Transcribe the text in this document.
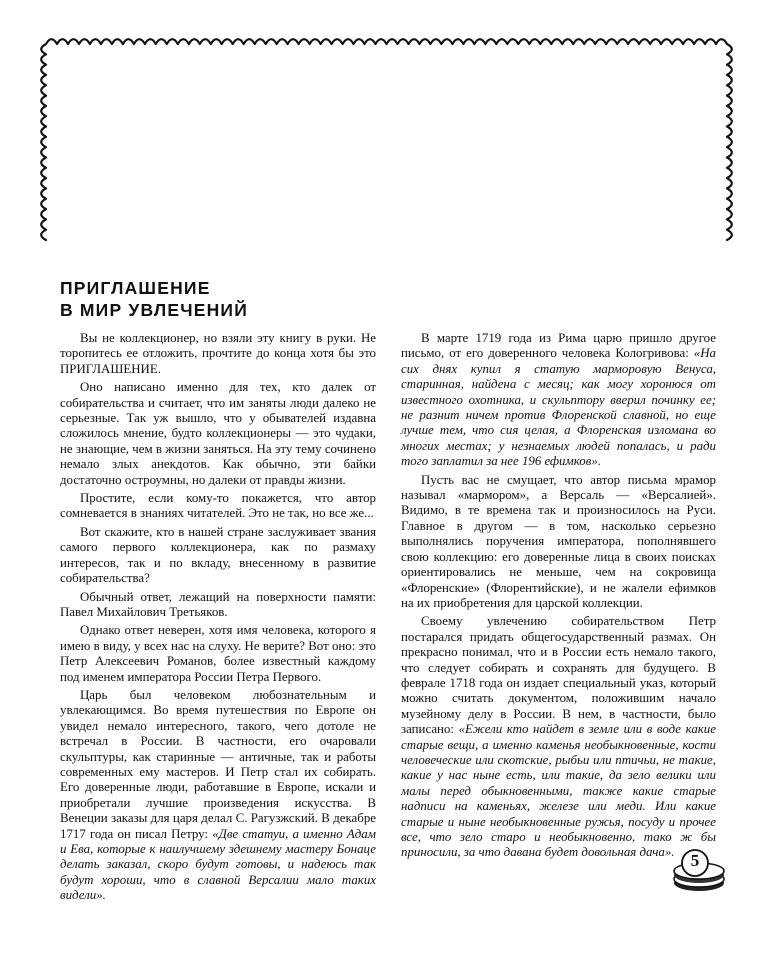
ПРИГЛАШЕНИЕ
В МИР УВЛЕЧЕНИЙ

Вы не коллекционер, но взяли эту книгу в руки. Не торопитесь ее отложить, прочтите до конца хотя бы это ПРИГЛАШЕНИЕ.

Оно написано именно для тех, кто далек от собирательства и считает, что им заняты люди далеко не серьезные. Так уж вышло, что у обывателей издавна сложилось мнение, будто коллекционеры — это чудаки, не знающие, чем в жизни заняться. На эту тему сочинено немало злых анекдотов. Как обычно, эти байки достаточно остроумны, но далеки от правды жизни.

Простите, если кому-то покажется, что автор сомневается в знаниях читателей. Это не так, но все же...

Вот скажите, кто в нашей стране заслуживает звания самого первого коллекционера, как по размаху интересов, так и по вкладу, внесенному в развитие собирательства?

Обычный ответ, лежащий на поверхности памяти: Павел Михайлович Третьяков.

Однако ответ неверен, хотя имя человека, которого я имею в виду, у всех нас на слуху. Не верите? Вот оно: это Петр Алексеевич Романов, более известный каждому под именем императора России Петра Первого.

Царь был человеком любознательным и увлекающимся. Во время путешествия по Европе он увидел немало интересного, такого, чего дотоле не встречал в России. В частности, его очаровали скульптуры, как старинные — античные, так и работы современных ему мастеров. И Петр стал их собирать. Его доверенные люди, работавшие в Европе, искали и приобретали лучшие произведения искусства. В Венеции заказы для царя делал С. Рагузжский. В декабре 1717 года он писал Петру: «Две статуи, а именно Адам и Ева, которые к наилучшему здешнему мастеру Бонаце делать заказал, скоро будут готовы, и надеюсь так будут хороши, что в славной Версалии мало таких видели».

В марте 1719 года из Рима царю пришло другое письмо, от его доверенного человека Кологривова: «На сих днях купил я статую марморовую Венуса, старинная, найдена с месяц; как могу хоронюся от известного охотника, и скульптору вверил починку ее; не разнит ничем против Флоренской славной, но еще лучше тем, что сия целая, а Флоренская изломана во многих местах; у незнаемых людей попалась, и ради того заплатил за нее 196 ефимков».

Пусть вас не смущает, что автор письма мрамор называл «мармором», а Версаль — «Версалией». Видимо, в те времена так и произносилось на Руси. Главное в другом — в том, насколько серьезно выполнялись поручения императора, пополнявшего свою коллекцию: его доверенные лица в своих поисках ориентировались не меньше, чем на сокровища «Флоренские» (Флорентийские), и не жалели ефимков на их приобретения для царской коллекции.

Своему увлечению собирательством Петр постарался придать общегосударственный размах. Он прекрасно понимал, что и в России есть немало такого, что следует собирать и сохранять для будущего. В феврале 1718 года он издает специальный указ, который можно считать документом, положившим начало музейному делу в России. В нем, в частности, было записано: «Ежели кто найдет в земле или в воде какие старые вещи, а именно каменья необыкновенные, кости человеческие или скотские, рыбьи или птичьи, не такие, какие у нас ныне есть, или такие, да зело велики или малы перед обыкновенными, также какие старые надписи на каменьях, железе или меди. Или какие старые и ныне необыкновенные ружья, посуду и прочее все, что зело старо и необыкновенно, тако ж бы приносили, за что давана будет довольная дача». 5
